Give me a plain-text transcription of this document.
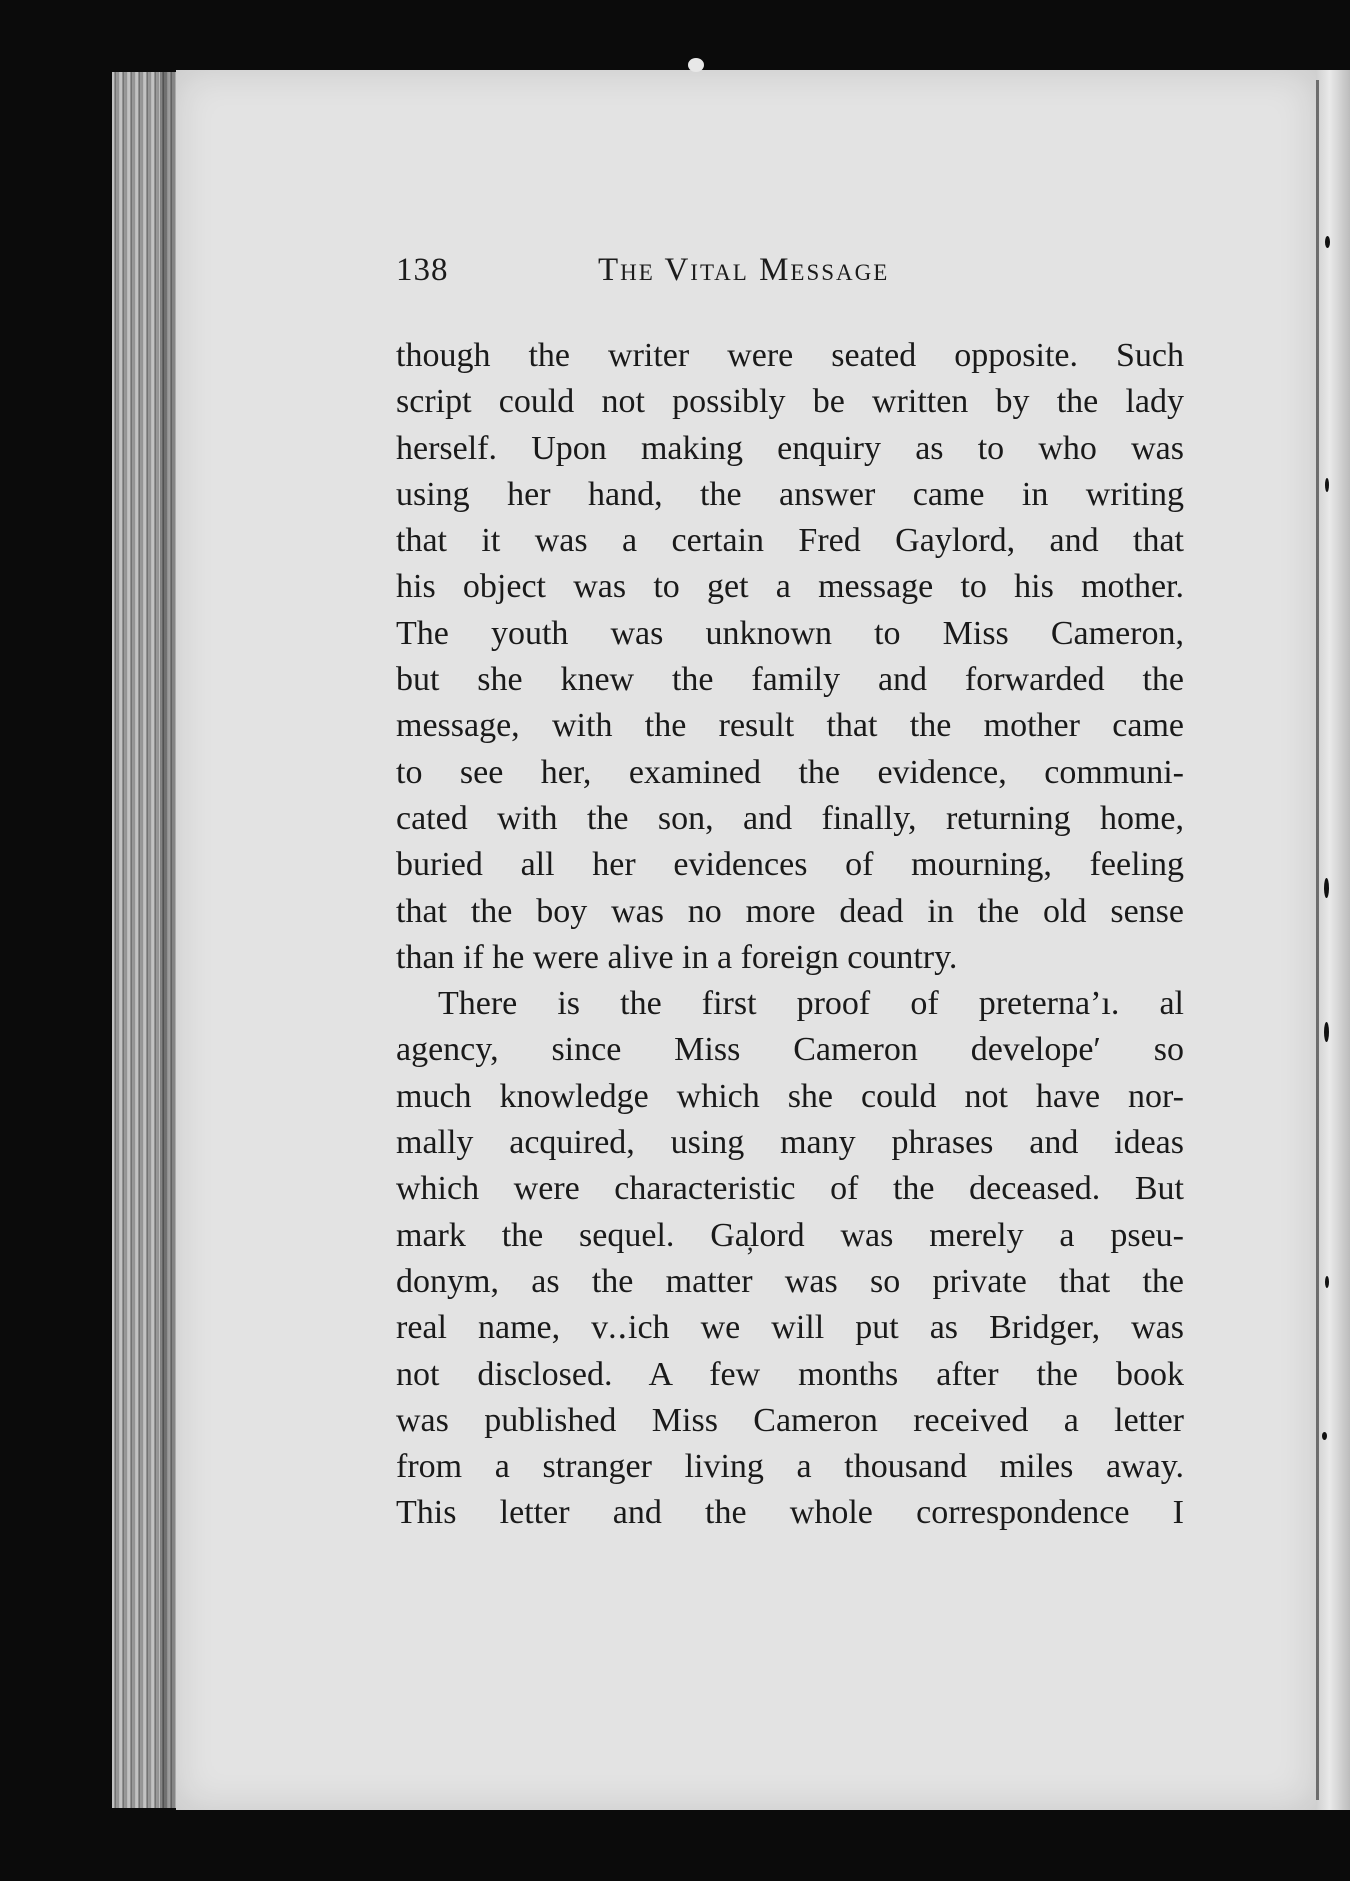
138	The Vital Message
though the writer were seated opposite. Such
script could not possibly be written by the lady
herself. Upon making enquiry as to who was
using her hand, the answer came in writing
that it was a certain Fred Gaylord, and that
his object was to get a message to his mother.
The youth was unknown to Miss Cameron,
but she knew the family and forwarded the
message, with the result that the mother came
to see her, examined the evidence, communi-
cated with the son, and finally, returning home,
buried all her evidences of mourning, feeling
that the boy was no more dead in the old sense
than if he were alive in a foreign country.
There is the first proof of preterna’ı. al
agency, since Miss Cameron develope′ so
much knowledge which she could not have nor-
mally acquired, using many phrases and ideas
which were characteristic of the deceased. But
mark the sequel. Ga̦lord was merely a pseu-
donym, as the matter was so private that the
real name, ᴠ.․ich we will put as Bridger, was
not disclosed. A few months after the book
was published Miss Cameron received a letter
from a stranger living a thousand miles away.
This letter and the whole correspondence I
